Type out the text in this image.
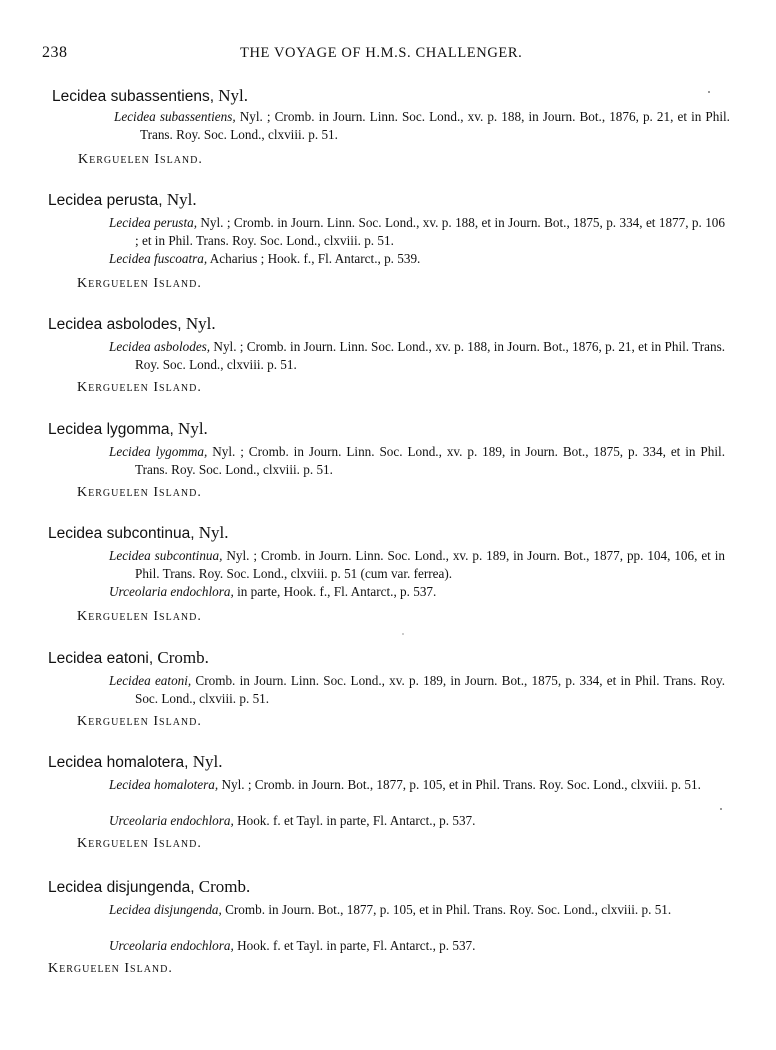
238	THE VOYAGE OF H.M.S. CHALLENGER.
Lecidea subassentiens, Nyl.
Lecidea subassentiens, Nyl. ; Cromb. in Journ. Linn. Soc. Lond., xv. p. 188, in Journ. Bot., 1876, p. 21, et in Phil. Trans. Roy. Soc. Lond., clxviii. p. 51.
Kerguelen Island.
Lecidea perusta, Nyl.
Lecidea perusta, Nyl. ; Cromb. in Journ. Linn. Soc. Lond., xv. p. 188, et in Journ. Bot., 1875, p. 334, et 1877, p. 106 ; et in Phil. Trans. Roy. Soc. Lond., clxviii. p. 51.
Lecidea fuscoatra, Acharius ; Hook. f., Fl. Antarct., p. 539.
Kerguelen Island.
Lecidea asbolodes, Nyl.
Lecidea asbolodes, Nyl. ; Cromb. in Journ. Linn. Soc. Lond., xv. p. 188, in Journ. Bot., 1876, p. 21, et in Phil. Trans. Roy. Soc. Lond., clxviii. p. 51.
Kerguelen Island.
Lecidea lygomma, Nyl.
Lecidea lygomma, Nyl. ; Cromb. in Journ. Linn. Soc. Lond., xv. p. 189, in Journ. Bot., 1875, p. 334, et in Phil. Trans. Roy. Soc. Lond., clxviii. p. 51.
Kerguelen Island.
Lecidea subcontinua, Nyl.
Lecidea subcontinua, Nyl. ; Cromb. in Journ. Linn. Soc. Lond., xv. p. 189, in Journ. Bot., 1877, pp. 104, 106, et in Phil. Trans. Roy. Soc. Lond., clxviii. p. 51 (cum var. ferrea).
Urceolaria endochlora, in parte, Hook. f., Fl. Antarct., p. 537.
Kerguelen Island.
Lecidea eatoni, Cromb.
Lecidea eatoni, Cromb. in Journ. Linn. Soc. Lond., xv. p. 189, in Journ. Bot., 1875, p. 334, et in Phil. Trans. Roy. Soc. Lond., clxviii. p. 51.
Kerguelen Island.
Lecidea homalotera, Nyl.
Lecidea homalotera, Nyl. ; Cromb. in Journ. Bot., 1877, p. 105, et in Phil. Trans. Roy. Soc. Lond., clxviii. p. 51.
Urceolaria endochlora, Hook. f. et Tayl. in parte, Fl. Antarct., p. 537.
Kerguelen Island.
Lecidea disjungenda, Cromb.
Lecidea disjungenda, Cromb. in Journ. Bot., 1877, p. 105, et in Phil. Trans. Roy. Soc. Lond., clxviii. p. 51.
Urceolaria endochlora, Hook. f. et Tayl. in parte, Fl. Antarct., p. 537.
Kerguelen Island.
